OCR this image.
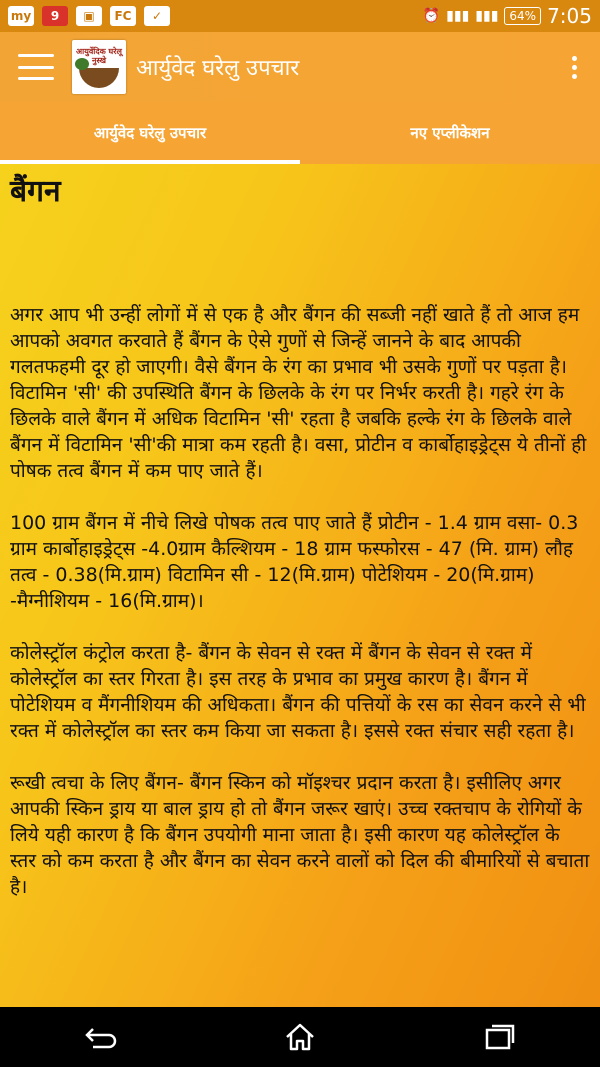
my	9	▣	FC	✓	⏰ ▮▮▮ ▮▮▮ 64% 7:05
आयुर्वेदिक घरेलू नुस्खे	आर्युवेद घरेलु उपचार
आर्युवेद घरेलु उपचार	नए एप्लीकेशन
बैंगन
अगर आप भी उन्हीं लोगों में से एक है और बैंगन की सब्जी नहीं खाते हैं तो आज हम आपको अवगत करवाते हैं बैंगन के ऐसे गुणों से जिन्हें जानने के बाद आपकी गलतफहमी दूर हो जाएगी। वैसे बैंगन के रंग का प्रभाव भी उसके गुणों पर पड़ता है। विटामिन 'सी' की उपस्थिति बैंगन के छिलके के रंग पर निर्भर करती है। गहरे रंग के छिलके वाले बैंगन में अधिक विटामिन 'सी' रहता है जबकि हल्के रंग के छिलके वाले बैंगन में विटामिन 'सी'की मात्रा कम रहती है। वसा, प्रोटीन व कार्बोहाइड्रेट्स ये तीनों ही पोषक तत्व बैंगन में कम पाए जाते हैं।
100 ग्राम बैंगन में नीचे लिखे पोषक तत्व पाए जाते हैं प्रोटीन - 1.4 ग्राम वसा- 0.3 ग्राम कार्बोहाइड्रेट्स -4.0ग्राम कैल्शियम - 18 ग्राम फस्फोरस - 47 (मि. ग्राम) लौह तत्व - 0.38(मि.ग्राम) विटामिन सी - 12(मि.ग्राम) पोटेशियम - 20(मि.ग्राम) -मैग्नीशियम - 16(मि.ग्राम)।
कोलेस्ट्रॉल कंट्रोल करता है- बैंगन के सेवन से रक्त में बैंगन के सेवन से रक्त में कोलेस्ट्रॉल का स्तर गिरता है। इस तरह के प्रभाव का प्रमुख कारण है। बैंगन में पोटेशियम व मैंगनीशियम की अधिकता। बैंगन की पत्तियों के रस का सेवन करने से भी रक्त में कोलेस्ट्रॉल का स्तर कम किया जा सकता है। इससे रक्त संचार सही रहता है।
रूखी त्वचा के लिए बैंगन- बैंगन स्किन को मॉइश्चर प्रदान करता है। इसीलिए अगर आपकी स्किन ड्राय या बाल ड्राय हो तो बैंगन जरूर खाएं। उच्च रक्तचाप के रोगियों के लिये यही कारण है कि बैंगन उपयोगी माना जाता है। इसी कारण यह कोलेस्ट्रॉल के स्तर को कम करता है और बैंगन का सेवन करने वालों को दिल की बीमारियों से बचाता है।
